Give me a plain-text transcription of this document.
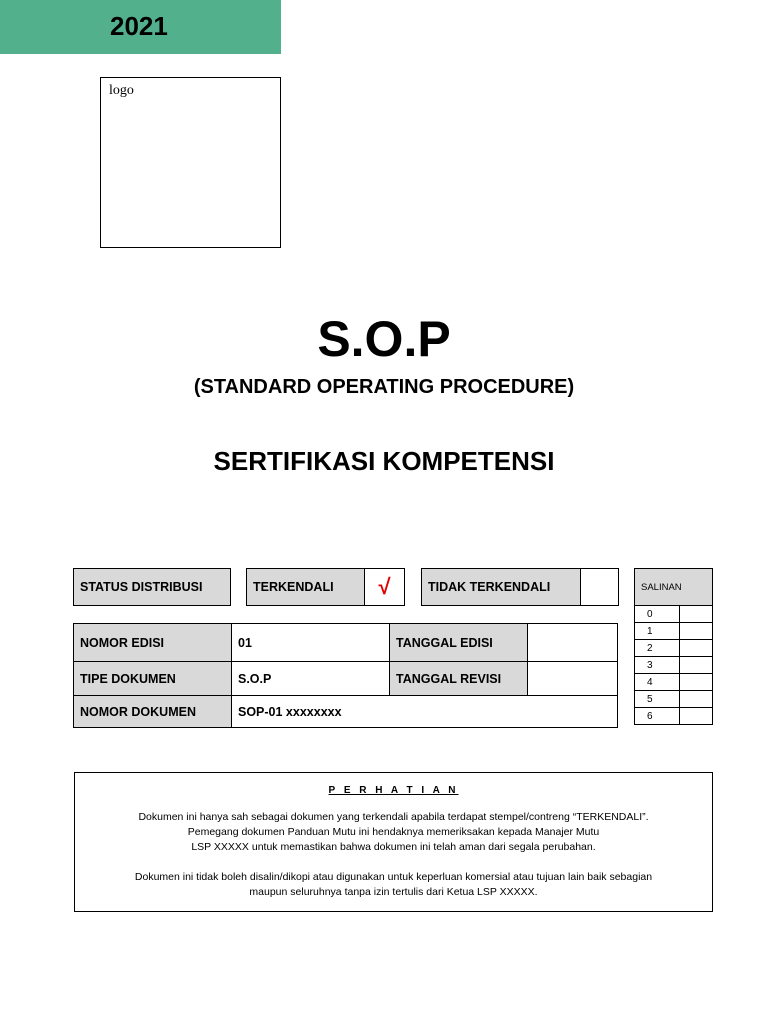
2021
logo
S.O.P
(STANDARD OPERATING PROCEDURE)
SERTIFIKASI KOMPETENSI
STATUS DISTRIBUSI	TERKENDALI	√	TIDAK TERKENDALI
NOMOR EDISI	01	TANGGAL EDISI	
TIPE DOKUMEN	S.O.P	TANGGAL REVISI	
NOMOR DOKUMEN	SOP-01 xxxxxxxx		
SALINAN	
0	
1	
2	
3	
4	
5	
6	
P E R H A T I A N

Dokumen ini hanya sah sebagai dokumen yang terkendali apabila terdapat stempel/contreng “TERKENDALI”.

Pemegang dokumen Panduan Mutu ini hendaknya memeriksakan kepada Manajer Mutu

LSP XXXXX untuk memastikan bahwa dokumen ini telah aman dari segala perubahan.

Dokumen ini tidak boleh disalin/dikopi atau digunakan untuk keperluan komersial atau tujuan lain baik sebagian

maupun seluruhnya tanpa izin tertulis dari Ketua LSP XXXXX.
